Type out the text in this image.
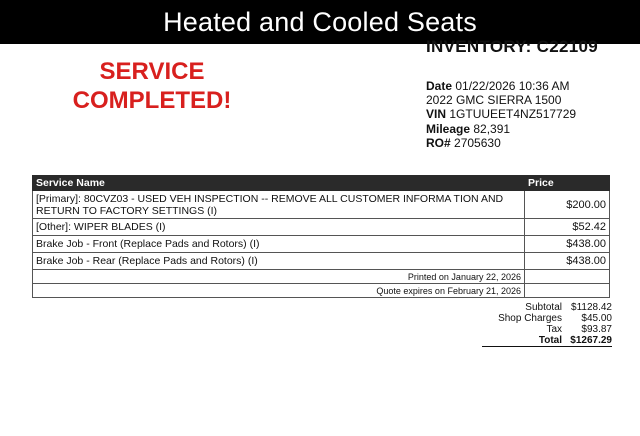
Heated and Cooled Seats
INVENTORY: C22109
SERVICE
COMPLETED!
Date 01/22/2026 10:36 AM
2022 GMC SIERRA 1500
VIN 1GTUUEET4NZ517729
Mileage 82,391
RO# 2705630
Service Name	Price
[Primary]: 80CVZ03 - USED VEH INSPECTION -- REMOVE ALL CUSTOMER INFORMA TION AND RETURN TO FACTORY SETTINGS (I)	$200.00
[Other]: WIPER BLADES (I)	$52.42
Brake Job - Front (Replace Pads and Rotors) (I)	$438.00
Brake Job - Rear (Replace Pads and Rotors) (I)	$438.00
Printed on January 22, 2026	
Quote expires on February 21, 2026	
Subtotal	$1128.42
Shop Charges	$45.00
Tax	$93.87
Total	$1267.29
